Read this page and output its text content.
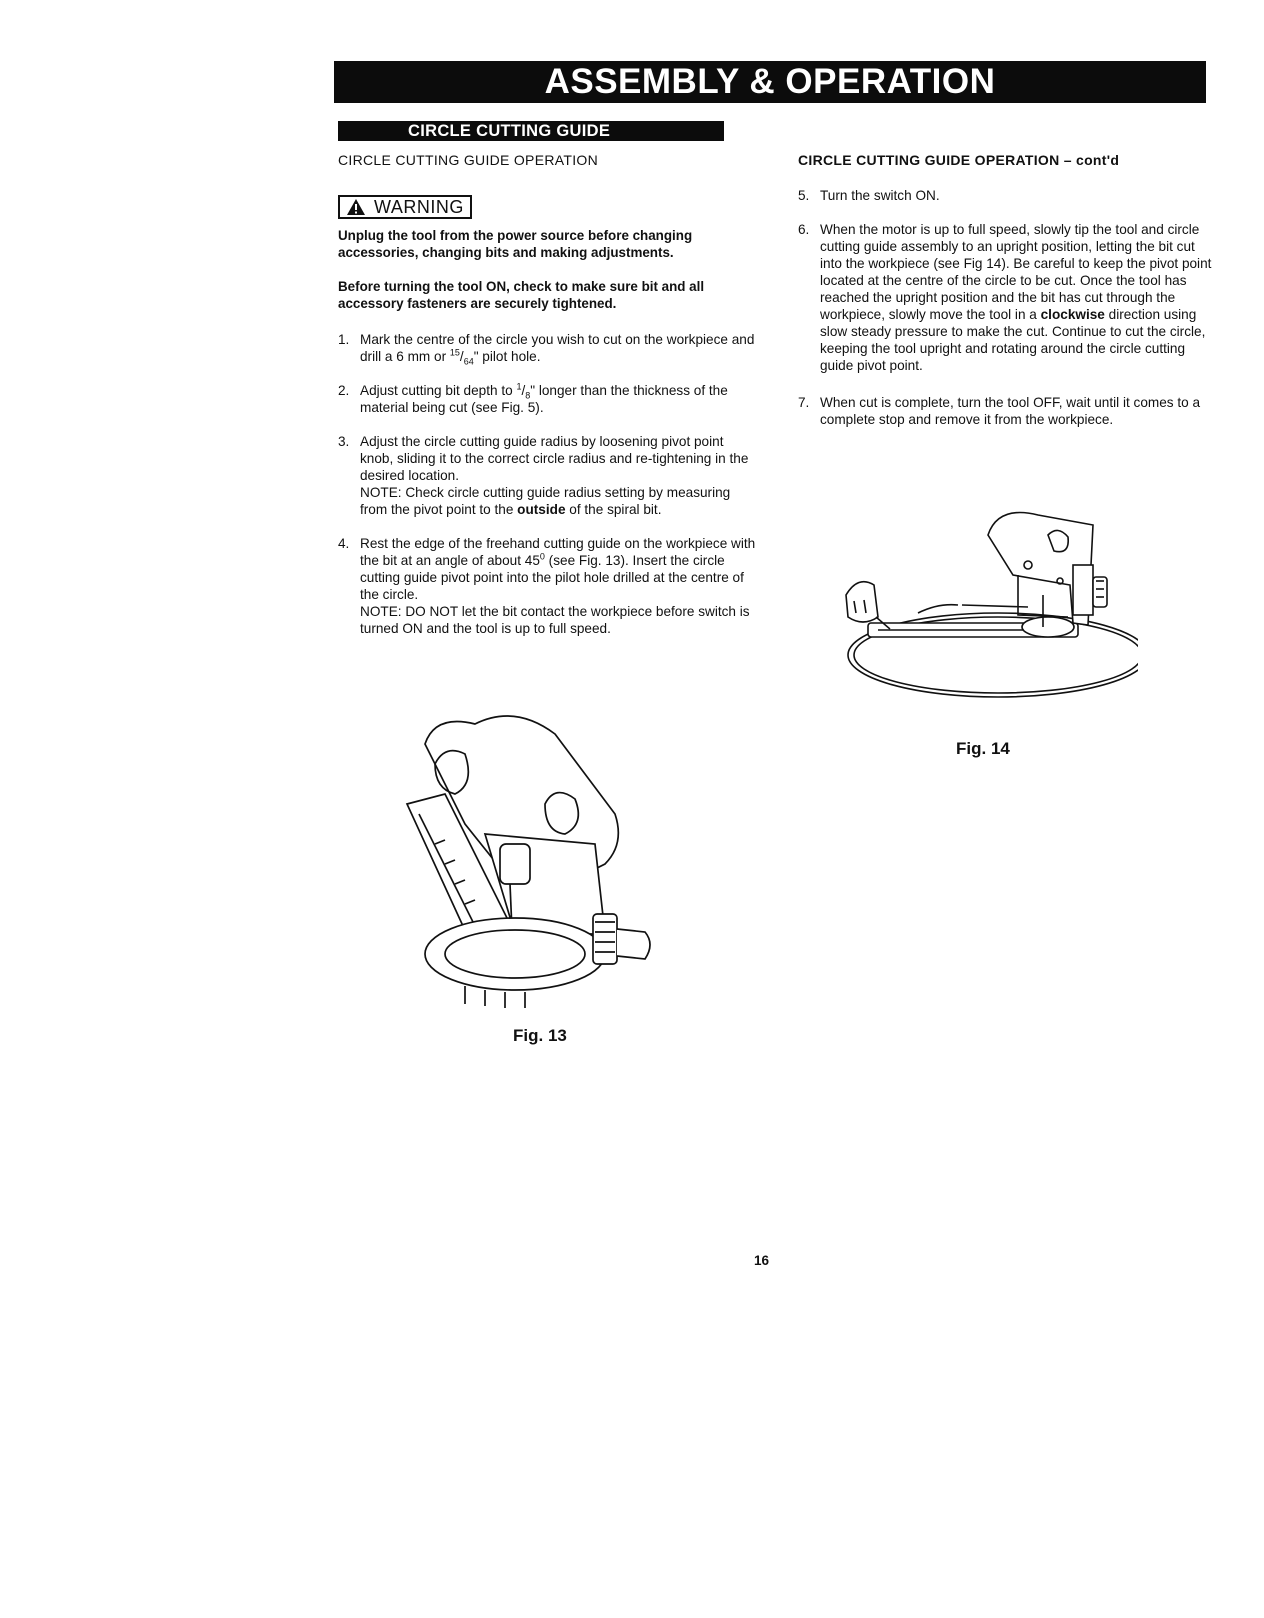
ASSEMBLY & OPERATION
CIRCLE CUTTING GUIDE

CIRCLE CUTTING GUIDE OPERATION

WARNING

Unplug the tool from the power source before changing accessories, changing bits and making adjustments.

Before turning the tool ON, check to make sure bit and all accessory fasteners are securely tightened.

1. Mark the centre of the circle you wish to cut on the workpiece and drill a 6 mm or $^{15}/_{64}$" pilot hole.
2. Adjust cutting bit depth to $^1/_8$" longer than the thickness of the material being cut (see Fig. 5).
3. Adjust the circle cutting guide radius by loosening pivot point knob, sliding it to the correct circle radius and re-tightening in the desired location.
NOTE: Check circle cutting guide radius setting by measuring from the pivot point to the outside of the spiral bit.
4. Rest the edge of the freehand cutting guide on the workpiece with the bit at an angle of about $45^0$ (see Fig. 13). Insert the circle cutting guide pivot point into the pilot hole drilled at the centre of the circle.
NOTE: DO NOT let the bit contact the workpiece before switch is turned ON and the tool is up to full speed.

CIRCLE CUTTING GUIDE OPERATION – cont'd

5. Turn the switch ON.
6. When the motor is up to full speed, slowly tip the tool and circle cutting guide assembly to an upright position, letting the bit cut into the workpiece (see Fig 14). Be careful to keep the pivot point located at the centre of the circle to be cut. Once the tool has reached the upright position and the bit has cut through the workpiece, slowly move the tool in a clockwise direction using slow steady pressure to make the cut. Continue to cut the circle, keeping the tool upright and rotating around the circle cutting guide pivot point.
7. When cut is complete, turn the tool OFF, wait until it comes to a complete stop and remove it from the workpiece.
Fig. 13
Fig. 14
16
